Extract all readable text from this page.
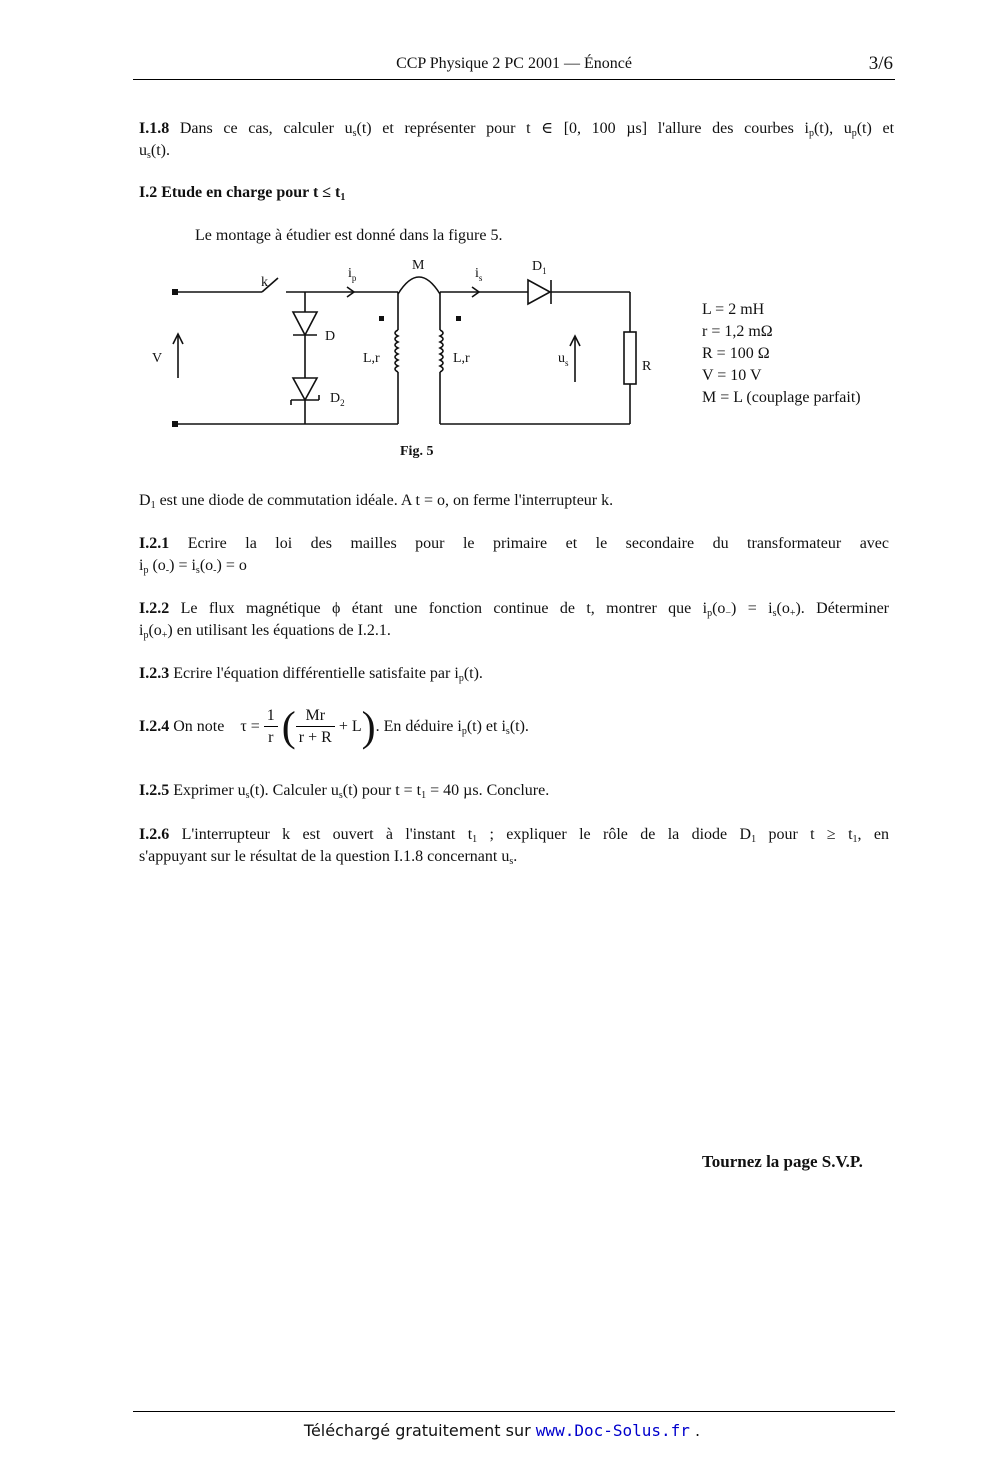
CCP Physique 2 PC 2001 — Énoncé	3/6
I.1.8 Dans ce cas, calculer $u_s(t)$ et représenter pour t ∈ [0, 100 µs] l'allure des courbes $i_p(t)$, $u_p(t)$ et
$u_s(t)$.
I.2 Etude en charge pour $t \le t_1$
Le montage à étudier est donné dans la figure 5.
k
$i_p$
M
$i_s$
$D_1$
D
$D_2$
V	L,r	L,r	$u_s$	R
Fig. 5
L = 2 mH
r = 1,2 mΩ
R = 100 Ω
V = 10 V
M = L (couplage parfait)
$D_1$ est une diode de commutation idéale. A t = o, on ferme l'interrupteur k.
I.2.1 Ecrire la loi des mailles pour le primaire et le secondaire du transformateur avec
$i_p$ $(o_-) = i_s(o_-) = o$
I.2.2 Le flux magnétique ϕ étant une fonction continue de t, montrer que $i_p(o_-) = i_s(o_+)$. Déterminer
$i_p(o_+)$ en utilisant les équations de I.2.1.
I.2.3 Ecrire l'équation différentielle satisfaite par $i_p(t)$.
I.2.4 On note $\tau = \frac{1}{r}$ ( $\frac{Mr}{r + R} + L$). En déduire $i_p(t)$ et $i_s(t)$.
I.2.5 Exprimer $u_s(t)$. Calculer $u_s(t)$ pour $t = t_1 = 40$ µs. Conclure.
I.2.6 L'interrupteur k est ouvert à l'instant $t_1$ ; expliquer le rôle de la diode $D_1$ pour $t \ge t_1$, en
s'appuyant sur le résultat de la question I.1.8 concernant $u_s$.
Tournez la page S.V.P.
Téléchargé gratuitement sur www.Doc-Solus.fr .
